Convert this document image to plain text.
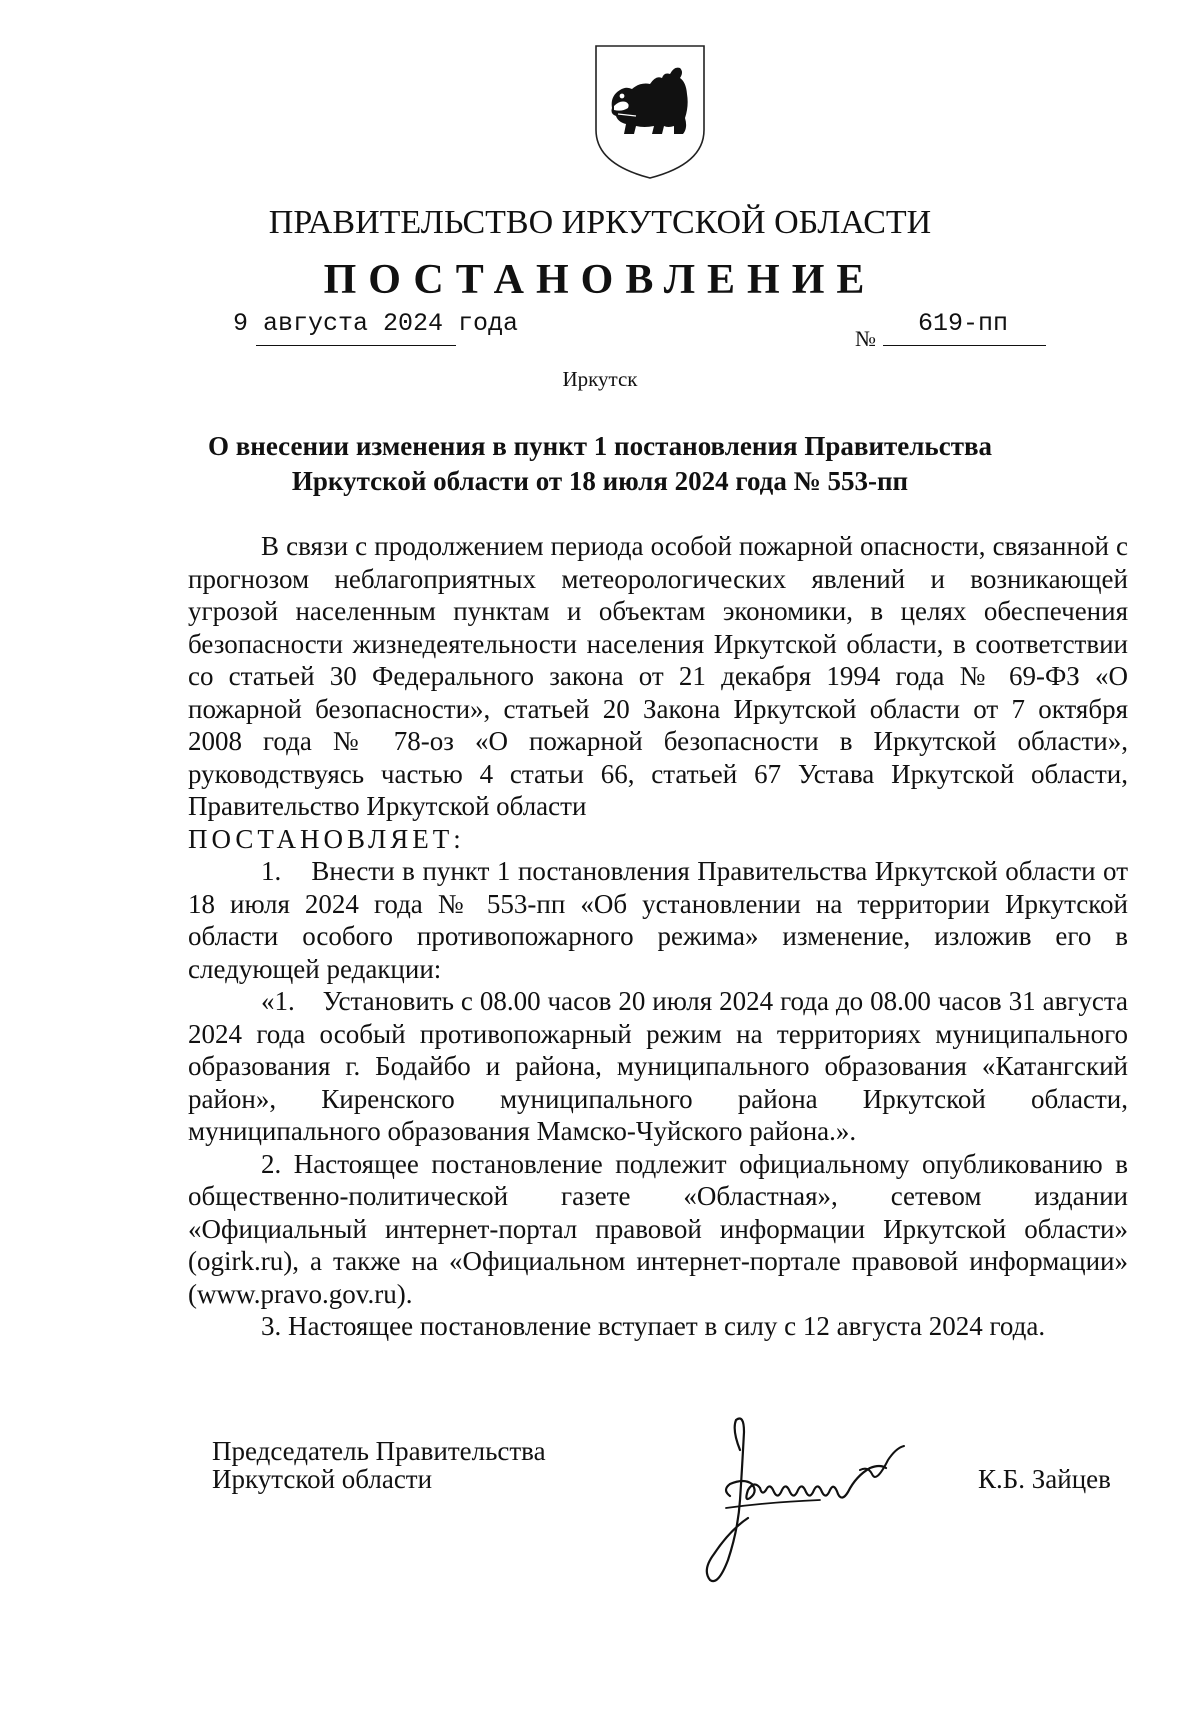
ПРАВИТЕЛЬСТВО ИРКУТСКОЙ ОБЛАСТИ
ПОСТАНОВЛЕНИЕ
9 августа 2024 года
№
619-пп
Иркутск
О внесении изменения в пункт 1 постановления Правительства
Иркутской области от 18 июля 2024 года № 553-пп

В связи с продолжением периода особой пожарной опасности, связанной с прогнозом неблагоприятных метеорологических явлений и возникающей угрозой населенным пунктам и объектам экономики, в целях обеспечения безопасности жизнедеятельности населения Иркутской области, в соответствии со статьей 30 Федерального закона от 21 декабря 1994 года № 69-ФЗ «О пожарной безопасности», статьей 20 Закона Иркутской области от 7 октября 2008 года № 78-оз «О пожарной безопасности в Иркутской области», руководствуясь частью 4 статьи 66, статьей 67 Устава Иркутской области, Правительство Иркутской области

ПОСТАНОВЛЯЕТ:

1.    Внести в пункт 1 постановления Правительства Иркутской области от 18 июля 2024 года № 553-пп «Об установлении на территории Иркутской области особого противопожарного режима» изменение, изложив его в следующей редакции:

«1.    Установить с 08.00 часов 20 июля 2024 года до 08.00 часов 31 августа 2024 года особый противопожарный режим на территориях муниципального образования г. Бодайбо и района, муниципального образования «Катангский район», Киренского муниципального района Иркутской области, муниципального образования Мамско-Чуйского района.».

2. Настоящее постановление подлежит официальному опубликованию в общественно-политической газете «Областная», сетевом издании «Официальный интернет-портал правовой информации Иркутской области» (ogirk.ru), а также на «Официальном интернет-портале правовой информации» (www.pravo.gov.ru).

3. Настоящее постановление вступает в силу с 12 августа 2024 года.

Председатель Правительства
Иркутской области	К.Б. Зайцев
